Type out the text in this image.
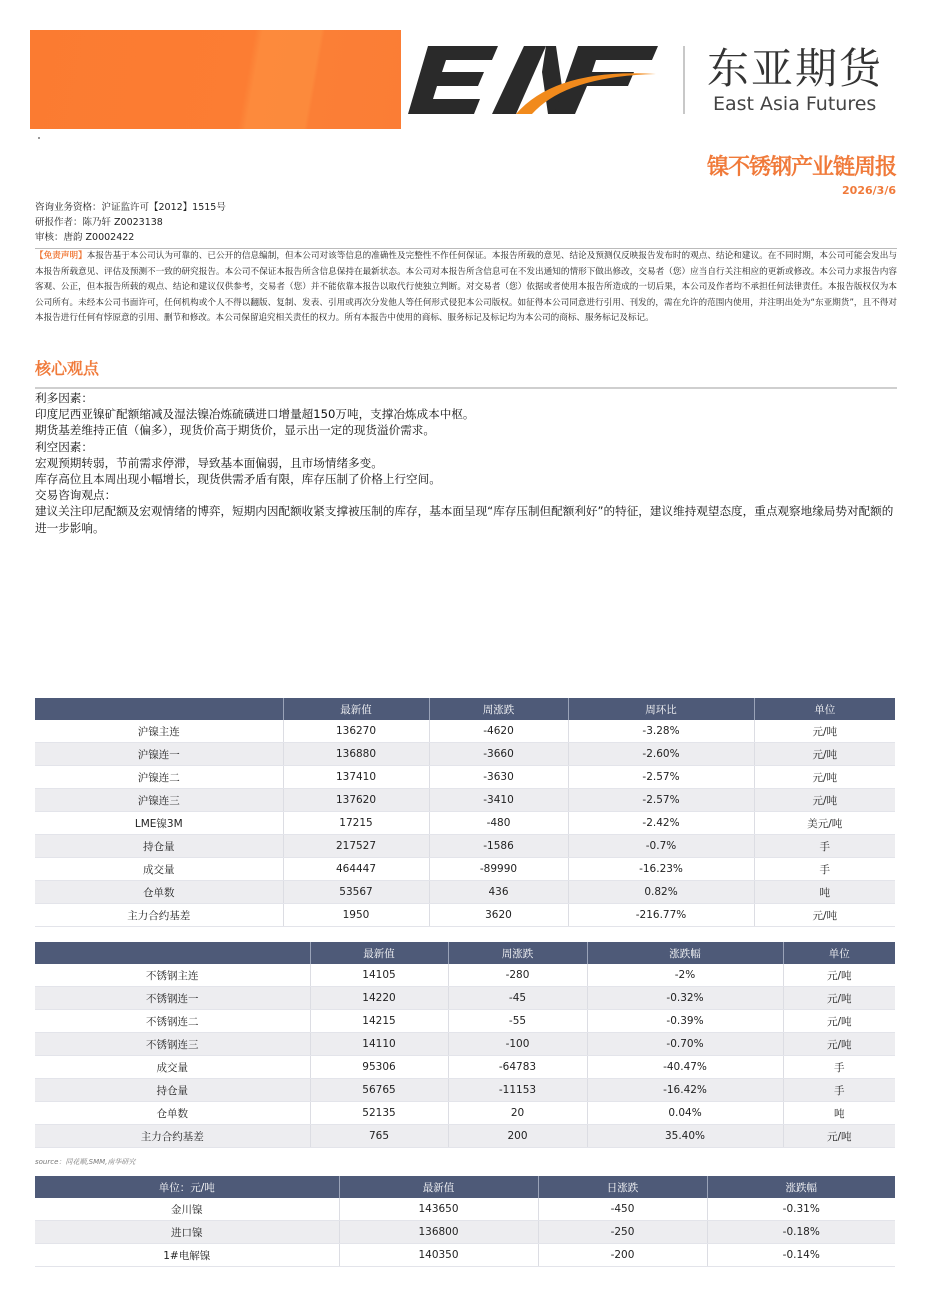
东亚期货
East Asia Futures
镍不锈钢产业链周报
2026/3/6
咨询业务资格：沪证监许可【2012】1515号
研报作者：陈乃轩 Z0023138
审核：唐韵 Z0002422
【免责声明】本报告基于本公司认为可靠的、已公开的信息编制，但本公司对该等信息的准确性及完整性不作任何保证。本报告所载的意见、结论及预测仅反映报告发布时的观点、结论和建议。在不同时期，本公司可能会发出与本报告所载意见、评估及预测不一致的研究报告。本公司不保证本报告所含信息保持在最新状态。本公司对本报告所含信息可在不发出通知的情形下做出修改，交易者（您）应当自行关注相应的更新或修改。本公司力求报告内容客观、公正，但本报告所载的观点、结论和建议仅供参考，交易者（您）并不能依靠本报告以取代行使独立判断。对交易者（您）依据或者使用本报告所造成的一切后果，本公司及作者均不承担任何法律责任。本报告版权仅为本公司所有。未经本公司书面许可，任何机构或个人不得以翻版、复制、发表、引用或再次分发他人等任何形式侵犯本公司版权。如征得本公司同意进行引用、刊发的，需在允许的范围内使用，并注明出处为“东亚期货”，且不得对本报告进行任何有悖原意的引用、删节和修改。本公司保留追究相关责任的权力。所有本报告中使用的商标、服务标记及标记均为本公司的商标、服务标记及标记。
核心观点

利多因素：

印度尼西亚镍矿配额缩减及湿法镍冶炼硫磺进口增量超150万吨，支撑冶炼成本中枢。

期货基差维持正值（偏多），现货价高于期货价，显示出一定的现货溢价需求。

利空因素：

宏观预期转弱，节前需求停滞，导致基本面偏弱，且市场情绪多变。

库存高位且本周出现小幅增长，现货供需矛盾有限，库存压制了价格上行空间。

交易咨询观点：

建议关注印尼配额及宏观情绪的博弈，短期内因配额收紧支撑被压制的库存，基本面呈现“库存压制但配额利好”的特征，建议维持观望态度，重点观察地缘局势对配额的进一步影响。

	最新值	周涨跌	周环比	单位
沪镍主连	136270	-4620	-3.28%	元/吨
沪镍连一	136880	-3660	-2.60%	元/吨
沪镍连二	137410	-3630	-2.57%	元/吨
沪镍连三	137620	-3410	-2.57%	元/吨
LME镍3M	17215	-480	-2.42%	美元/吨
持仓量	217527	-1586	-0.7%	手
成交量	464447	-89990	-16.23%	手
仓单数	53567	436	0.82%	吨
主力合约基差	1950	3620	-216.77%	元/吨
	最新值	周涨跌	涨跌幅	单位
不锈钢主连	14105	-280	-2%	元/吨
不锈钢连一	14220	-45	-0.32%	元/吨
不锈钢连二	14215	-55	-0.39%	元/吨
不锈钢连三	14110	-100	-0.70%	元/吨
成交量	95306	-64783	-40.47%	手
持仓量	56765	-11153	-16.42%	手
仓单数	52135	20	0.04%	吨
主力合约基差	765	200	35.40%	元/吨
source：同花顺,SMM,南华研究
单位：元/吨	最新值	日涨跌	涨跌幅
金川镍	143650	-450	-0.31%
进口镍	136800	-250	-0.18%
1#电解镍	140350	-200	-0.14%
